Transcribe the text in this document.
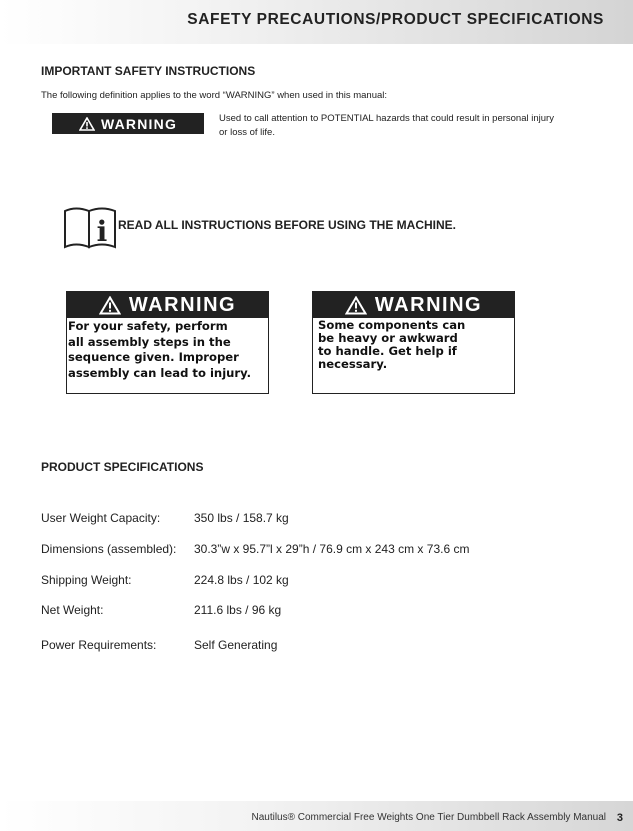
SAFETY PRECAUTIONS/PRODUCT SPECIFICATIONS
IMPORTANT SAFETY INSTRUCTIONS
The following definition applies to the word “WARNING” when used in this manual:
WARNING	Used to call attention to POTENTIAL hazards that could result in personal injury or loss of life.
i READ ALL INSTRUCTIONS BEFORE USING THE MACHINE.
WARNING
For your safety, perform
all assembly steps in the
sequence given. Improper
assembly can lead to injury.
WARNING
Some components can
be heavy or awkward
to handle. Get help if
necessary.
PRODUCT SPECIFICATIONS
User Weight Capacity:	350 lbs / 158.7 kg
Dimensions (assembled): 30.3”w x 95.7”l x 29”h / 76.9 cm x 243 cm x 73.6 cm
Shipping Weight:	224.8 lbs / 102 kg
Net Weight:	211.6 lbs / 96 kg
Power Requirements:	Self Generating
Nautilus® Commercial Free Weights One Tier Dumbbell Rack Assembly Manual 3
